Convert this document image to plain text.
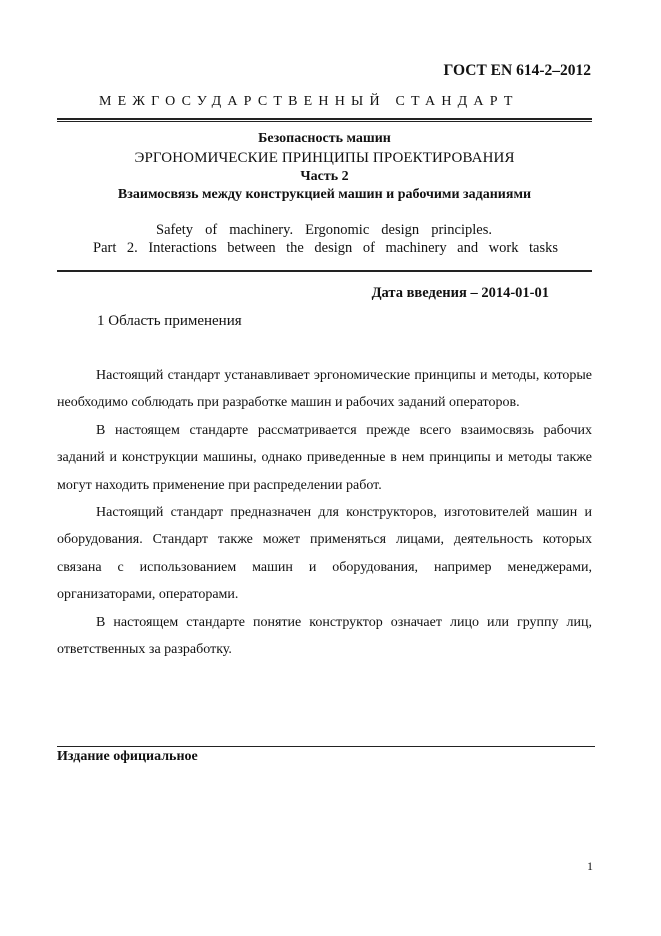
ГОСТ EN 614-2–2012
МЕЖГОСУДАРСТВЕННЫЙ СТАНДАРТ
Безопасность машин
ЭРГОНОМИЧЕСКИЕ ПРИНЦИПЫ ПРОЕКТИРОВАНИЯ
Часть 2
Взаимосвязь между конструкцией машин и рабочими заданиями
Safety of machinery. Ergonomic design principles.
Part 2. Interactions between the design of machinery and work tasks
Дата введения – 2014-01-01
1 Область применения

Настоящий стандарт устанавливает эргономические принципы и методы, которые необходимо соблюдать при разработке машин и рабочих заданий операторов.

В настоящем стандарте рассматривается прежде всего взаимосвязь рабочих заданий и конструкции машины, однако приведенные в нем принципы и методы также могут находить применение при распределении работ.

Настоящий стандарт предназначен для конструкторов, изготовителей машин и оборудования. Стандарт также может применяться лицами, деятельность которых связана с использованием машин и оборудования, например менеджерами, организаторами, операторами.

В настоящем стандарте понятие конструктор означает лицо или группу лиц, ответственных за разработку.

Издание официальное
1
